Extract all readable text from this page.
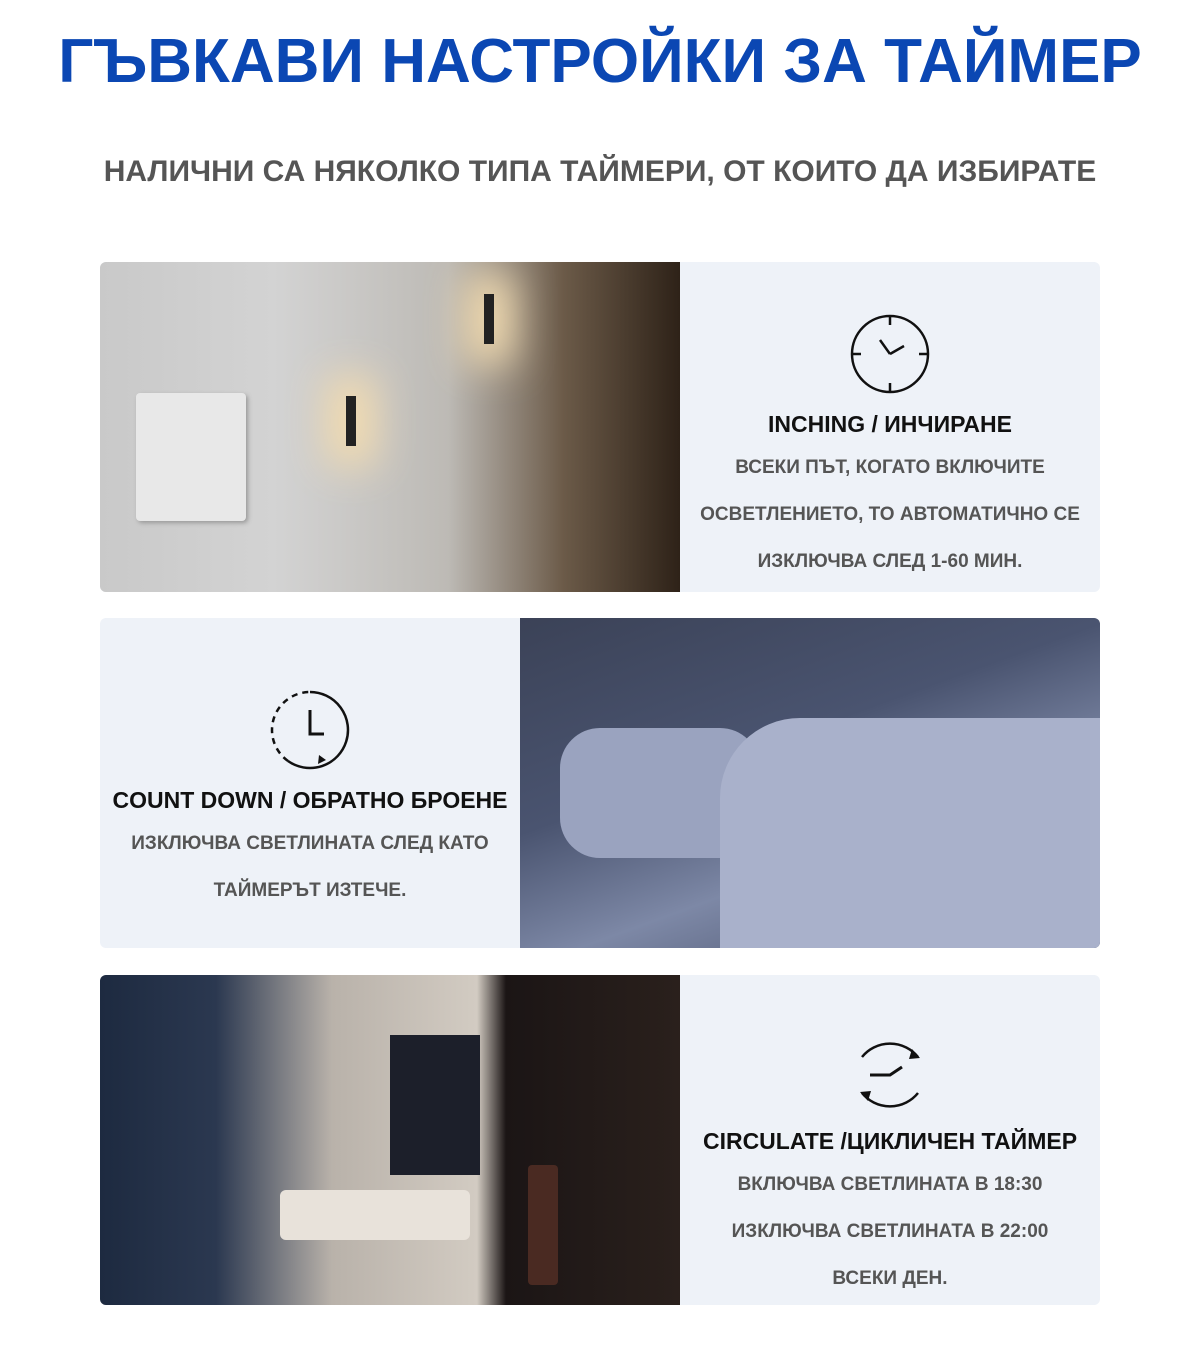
ГЪВКАВИ НАСТРОЙКИ ЗА ТАЙМЕР
НАЛИЧНИ СА НЯКОЛКО ТИПА ТАЙМЕРИ, ОТ КОИТО ДА ИЗБИРАТЕ
INCHING / ИНЧИРАНЕ
ВСЕКИ ПЪТ, КОГАТО ВКЛЮЧИТЕ
ОСВЕТЛЕНИЕТО, ТО АВТОМАТИЧНО СЕ
ИЗКЛЮЧВА СЛЕД 1-60 МИН.
COUNT DOWN / ОБРАТНО БРОЕНЕ
ИЗКЛЮЧВА СВЕТЛИНАТА СЛЕД КАТО
ТАЙМЕРЪТ ИЗТЕЧЕ.
CIRCULATE /ЦИКЛИЧЕН ТАЙМЕР
ВКЛЮЧВА СВЕТЛИНАТА В 18:30
ИЗКЛЮЧВА СВЕТЛИНАТА В 22:00
ВСЕКИ ДЕН.
